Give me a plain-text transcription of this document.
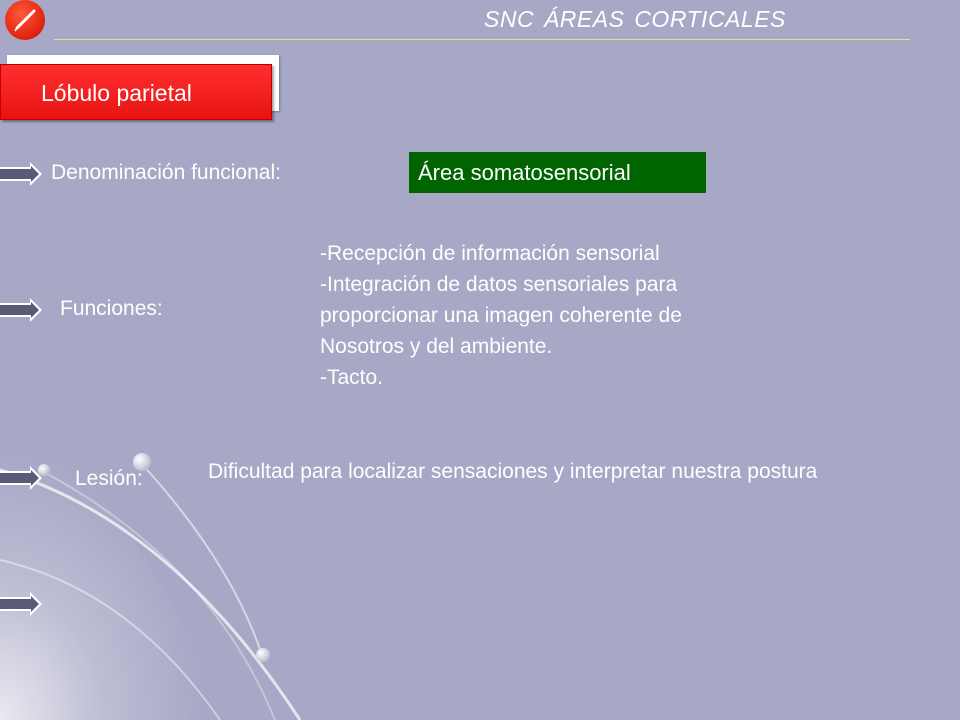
SNC ÁREAS CORTICALES
Lóbulo parietal
Denominación funcional:	Área somatosensorial
Funciones:
-Recepción de información sensorial
-Integración de datos sensoriales para
proporcionar una imagen coherente de
Nosotros y del ambiente.
-Tacto.
Lesión:	Dificultad para localizar sensaciones y interpretar nuestra postura
